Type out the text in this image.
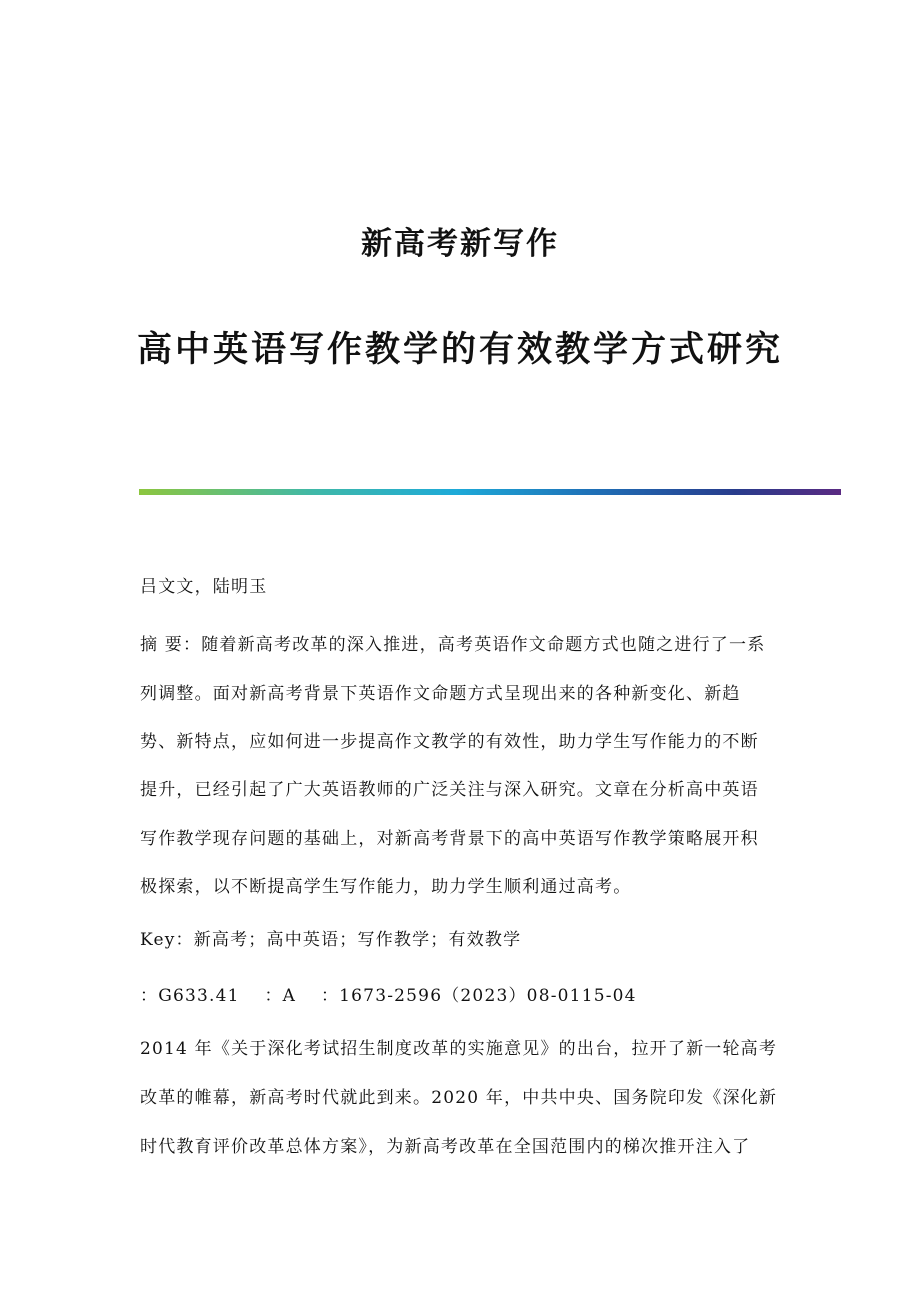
新高考新写作
高中英语写作教学的有效教学方式研究
吕文文，陆明玉
摘 要：随着新高考改革的深入推进，高考英语作文命题方式也随之进行了一系
列调整。面对新高考背景下英语作文命题方式呈现出来的各种新变化、新趋
势、新特点，应如何进一步提高作文教学的有效性，助力学生写作能力的不断
提升，已经引起了广大英语教师的广泛关注与深入研究。文章在分析高中英语
写作教学现存问题的基础上，对新高考背景下的高中英语写作教学策略展开积
极探索，以不断提高学生写作能力，助力学生顺利通过高考。
Key：新高考；高中英语；写作教学；有效教学
：G633.41　 ：A　 ：1673-2596（2023）08-0115-04
2014 年《关于深化考试招生制度改革的实施意见》的出台，拉开了新一轮高考
改革的帷幕，新高考时代就此到来。2020 年，中共中央、国务院印发《深化新
时代教育评价改革总体方案》，为新高考改革在全国范围内的梯次推开注入了
